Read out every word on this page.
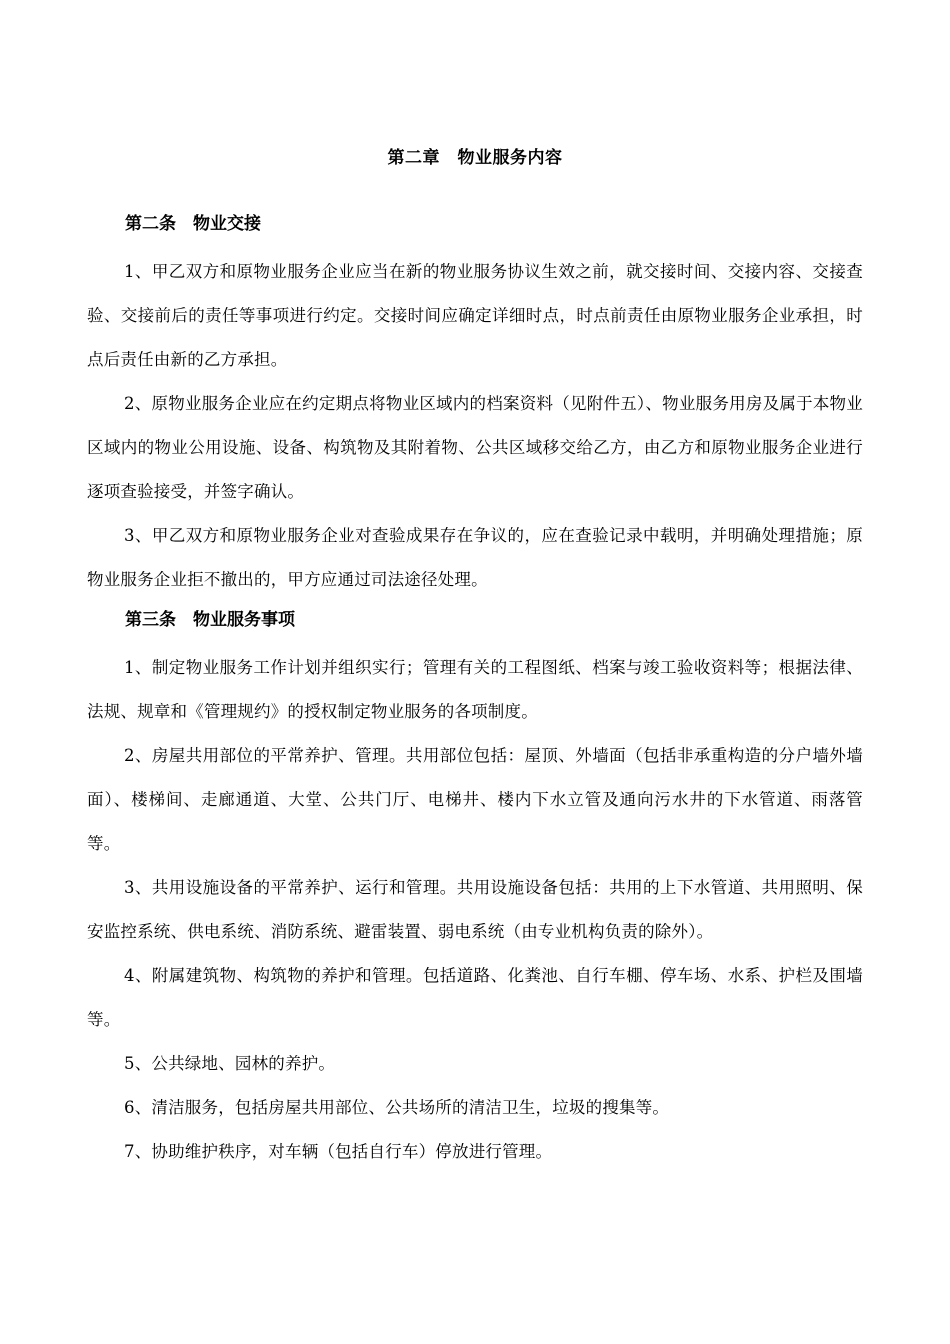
第二章　物业服务内容
第二条　物业交接

1、甲乙双方和原物业服务企业应当在新的物业服务协议生效之前，就交接时间、交接内容、交接查验、交接前后的责任等事项进行约定。交接时间应确定详细时点，时点前责任由原物业服务企业承担，时点后责任由新的乙方承担。

2、原物业服务企业应在约定期点将物业区域内的档案资料（见附件五）、物业服务用房及属于本物业区域内的物业公用设施、设备、构筑物及其附着物、公共区域移交给乙方，由乙方和原物业服务企业进行逐项查验接受，并签字确认。

3、甲乙双方和原物业服务企业对查验成果存在争议的，应在查验记录中载明，并明确处理措施；原物业服务企业拒不撤出的，甲方应通过司法途径处理。

第三条　物业服务事项

1、制定物业服务工作计划并组织实行；管理有关的工程图纸、档案与竣工验收资料等；根据法律、法规、规章和《管理规约》的授权制定物业服务的各项制度。

2、房屋共用部位的平常养护、管理。共用部位包括：屋顶、外墙面（包括非承重构造的分户墙外墙面）、楼梯间、走廊通道、大堂、公共门厅、电梯井、楼内下水立管及通向污水井的下水管道、雨落管等。

3、共用设施设备的平常养护、运行和管理。共用设施设备包括：共用的上下水管道、共用照明、保安监控系统、供电系统、消防系统、避雷装置、弱电系统（由专业机构负责的除外）。

4、附属建筑物、构筑物的养护和管理。包括道路、化粪池、自行车棚、停车场、水系、护栏及围墙等。

5、公共绿地、园林的养护。

6、清洁服务，包括房屋共用部位、公共场所的清洁卫生，垃圾的搜集等。

7、协助维护秩序，对车辆（包括自行车）停放进行管理。
